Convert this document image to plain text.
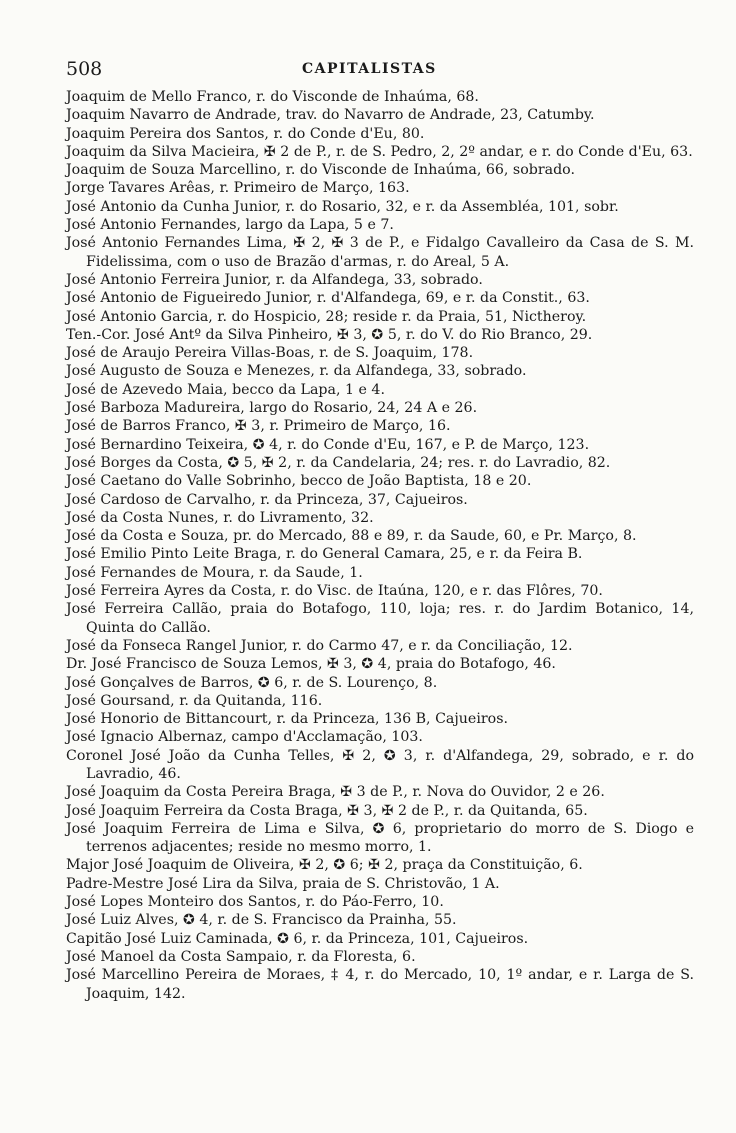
508	CAPITALISTAS
Joaquim de Mello Franco, r. do Visconde de Inhaúma, 68.
Joaquim Navarro de Andrade, trav. do Navarro de Andrade, 23, Catumby.
Joaquim Pereira dos Santos, r. do Conde d'Eu, 80.
Joaquim da Silva Macieira, ✠ 2 de P., r. de S. Pedro, 2, 2º andar, e r. do Conde d'Eu, 63.
Joaquim de Souza Marcellino, r. do Visconde de Inhaúma, 66, sobrado.
Jorge Tavares Arêas, r. Primeiro de Março, 163.
José Antonio da Cunha Junior, r. do Rosario, 32, e r. da Assembléa, 101, sobr.
José Antonio Fernandes, largo da Lapa, 5 e 7.
José Antonio Fernandes Lima, ✠ 2, ✠ 3 de P., e Fidalgo Cavalleiro da Casa de S. M. Fidelissima, com o uso de Brazão d'armas, r. do Areal, 5 A.
José Antonio Ferreira Junior, r. da Alfandega, 33, sobrado.
José Antonio de Figueiredo Junior, r. d'Alfandega, 69, e r. da Constit., 63.
José Antonio Garcia, r. do Hospicio, 28; reside r. da Praia, 51, Nictheroy.
Ten.-Cor. José Antº da Silva Pinheiro, ✠ 3, ✪ 5, r. do V. do Rio Branco, 29.
José de Araujo Pereira Villas-Boas, r. de S. Joaquim, 178.
José Augusto de Souza e Menezes, r. da Alfandega, 33, sobrado.
José de Azevedo Maia, becco da Lapa, 1 e 4.
José Barboza Madureira, largo do Rosario, 24, 24 A e 26.
José de Barros Franco, ✠ 3, r. Primeiro de Março, 16.
José Bernardino Teixeira, ✪ 4, r. do Conde d'Eu, 167, e P. de Março, 123.
José Borges da Costa, ✪ 5, ✠ 2, r. da Candelaria, 24; res. r. do Lavradio, 82.
José Caetano do Valle Sobrinho, becco de João Baptista, 18 e 20.
José Cardoso de Carvalho, r. da Princeza, 37, Cajueiros.
José da Costa Nunes, r. do Livramento, 32.
José da Costa e Souza, pr. do Mercado, 88 e 89, r. da Saude, 60, e Pr. Março, 8.
José Emilio Pinto Leite Braga, r. do General Camara, 25, e r. da Feira B.
José Fernandes de Moura, r. da Saude, 1.
José Ferreira Ayres da Costa, r. do Visc. de Itaúna, 120, e r. das Flôres, 70.
José Ferreira Callão, praia do Botafogo, 110, loja; res. r. do Jardim Botanico, 14, Quinta do Callão.
José da Fonseca Rangel Junior, r. do Carmo 47, e r. da Conciliação, 12.
Dr. José Francisco de Souza Lemos, ✠ 3, ✪ 4, praia do Botafogo, 46.
José Gonçalves de Barros, ✪ 6, r. de S. Lourenço, 8.
José Goursand, r. da Quitanda, 116.
José Honorio de Bittancourt, r. da Princeza, 136 B, Cajueiros.
José Ignacio Albernaz, campo d'Acclamação, 103.
Coronel José João da Cunha Telles, ✠ 2, ✪ 3, r. d'Alfandega, 29, sobrado, e r. do Lavradio, 46.
José Joaquim da Costa Pereira Braga, ✠ 3 de P., r. Nova do Ouvidor, 2 e 26.
José Joaquim Ferreira da Costa Braga, ✠ 3, ✠ 2 de P., r. da Quitanda, 65.
José Joaquim Ferreira de Lima e Silva, ✪ 6, proprietario do morro de S. Diogo e terrenos adjacentes; reside no mesmo morro, 1.
Major José Joaquim de Oliveira, ✠ 2, ✪ 6; ✠ 2, praça da Constituição, 6.
Padre-Mestre José Lira da Silva, praia de S. Christovão, 1 A.
José Lopes Monteiro dos Santos, r. do Páo-Ferro, 10.
José Luiz Alves, ✪ 4, r. de S. Francisco da Prainha, 55.
Capitão José Luiz Caminada, ✪ 6, r. da Princeza, 101, Cajueiros.
José Manoel da Costa Sampaio, r. da Floresta, 6.
José Marcellino Pereira de Moraes, ‡ 4, r. do Mercado, 10, 1º andar, e r. Larga de S. Joaquim, 142.
